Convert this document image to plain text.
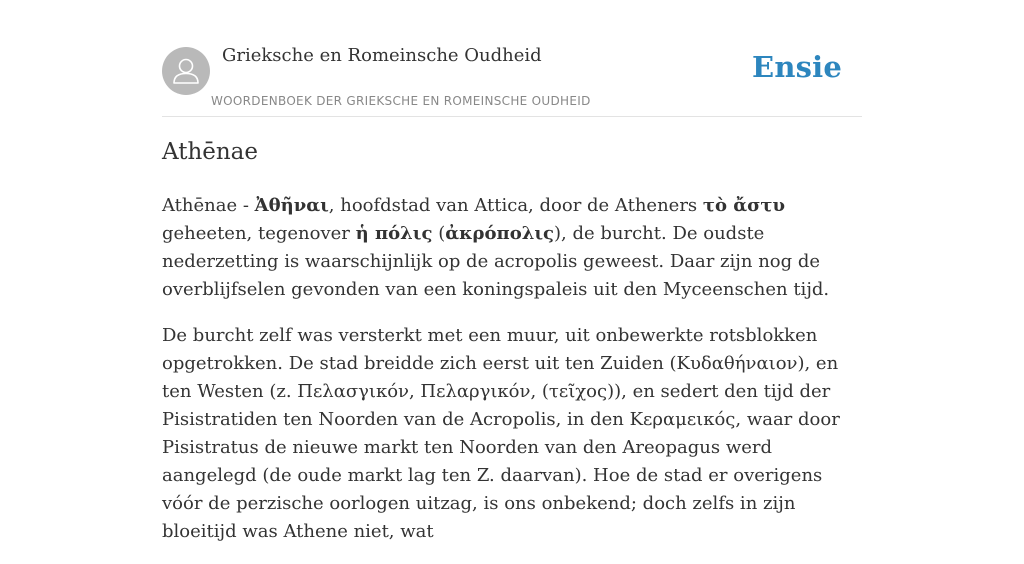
Grieksche en Romeinsche Oudheid
WOORDENBOEK DER GRIEKSCHE EN ROMEINSCHE OUDHEID
Ensie
Athēnae

Athēnae - Ἀθῆναι, hoofdstad van Attica, door de Atheners τὸ ἄστυ geheeten, tegenover ἡ πόλις (ἀκρόπολις), de burcht. De oudste nederzetting is waarschijnlijk op de acropolis geweest. Daar zijn nog de overblijfselen gevonden van een koningspaleis uit den Myceenschen tijd.

De burcht zelf was versterkt met een muur, uit onbewerkte rotsblokken opgetrokken. De stad breidde zich eerst uit ten Zuiden (Κυδαθήναιον), en ten Westen (z. Πελασγικόν, Πελαργικόν, (τεῖχος)), en sedert den tijd der Pisistratiden ten Noorden van de Acropolis, in den Κεραμεικός, waar door Pisistratus de nieuwe markt ten Noorden van den Areopagus werd aangelegd (de oude markt lag ten Z. daarvan). Hoe de stad er overigens vóór de perzische oorlogen uitzag, is ons onbekend; doch zelfs in zijn bloeitijd was Athene niet, wat
